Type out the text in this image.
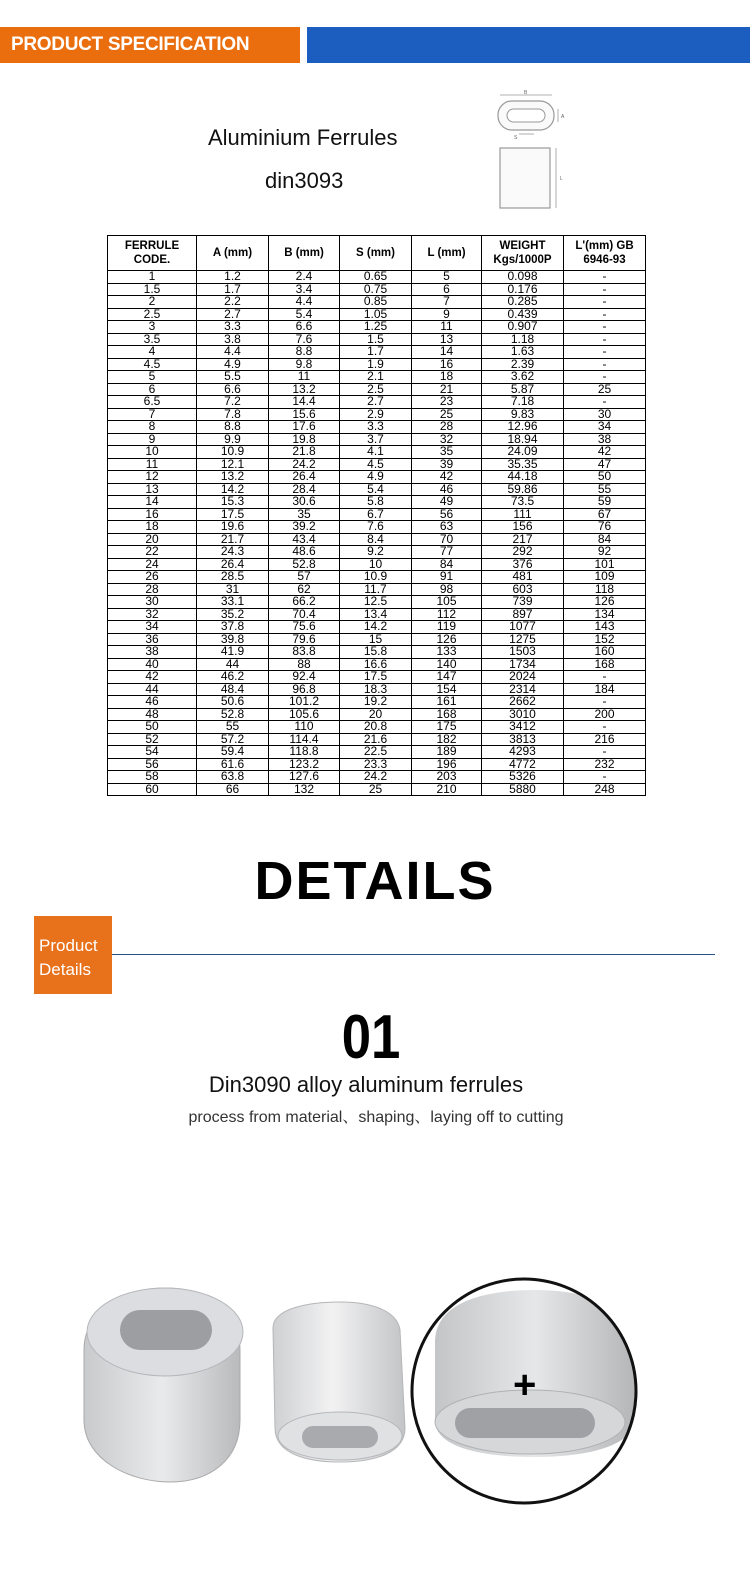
PRODUCT SPECIFICATION
Aluminium Ferrules
din3093
B
A
S
L
FERRULE CODE.	A (mm)	B (mm)	S (mm)	L (mm)	WEIGHT Kgs/1000P	L'(mm) GB 6946-93
1	1.2	2.4	0.65	5	0.098	-
1.5	1.7	3.4	0.75	6	0.176	-
2	2.2	4.4	0.85	7	0.285	-
2.5	2.7	5.4	1.05	9	0.439	-
3	3.3	6.6	1.25	11	0.907	-
3.5	3.8	7.6	1.5	13	1.18	-
4	4.4	8.8	1.7	14	1.63	-
4.5	4.9	9.8	1.9	16	2.39	-
5	5.5	11	2.1	18	3.62	-
6	6.6	13.2	2.5	21	5.87	25
6.5	7.2	14.4	2.7	23	7.18	-
7	7.8	15.6	2.9	25	9.83	30
8	8.8	17.6	3.3	28	12.96	34
9	9.9	19.8	3.7	32	18.94	38
10	10.9	21.8	4.1	35	24.09	42
11	12.1	24.2	4.5	39	35.35	47
12	13.2	26.4	4.9	42	44.18	50
13	14.2	28.4	5.4	46	59.86	55
14	15.3	30.6	5.8	49	73.5	59
16	17.5	35	6.7	56	111	67
18	19.6	39.2	7.6	63	156	76
20	21.7	43.4	8.4	70	217	84
22	24.3	48.6	9.2	77	292	92
24	26.4	52.8	10	84	376	101
26	28.5	57	10.9	91	481	109
28	31	62	11.7	98	603	118
30	33.1	66.2	12.5	105	739	126
32	35.2	70.4	13.4	112	897	134
34	37.8	75.6	14.2	119	1077	143
36	39.8	79.6	15	126	1275	152
38	41.9	83.8	15.8	133	1503	160
40	44	88	16.6	140	1734	168
42	46.2	92.4	17.5	147	2024	-
44	48.4	96.8	18.3	154	2314	184
46	50.6	101.2	19.2	161	2662	-
48	52.8	105.6	20	168	3010	200
50	55	110	20.8	175	3412	-
52	57.2	114.4	21.6	182	3813	216
54	59.4	118.8	22.5	189	4293	-
56	61.6	123.2	23.3	196	4772	232
58	63.8	127.6	24.2	203	5326	-
60	66	132	25	210	5880	248
DETAILS
Product
Details
01
Din3090 alloy aluminum ferrules
process from material、shaping、laying off to cutting
+
